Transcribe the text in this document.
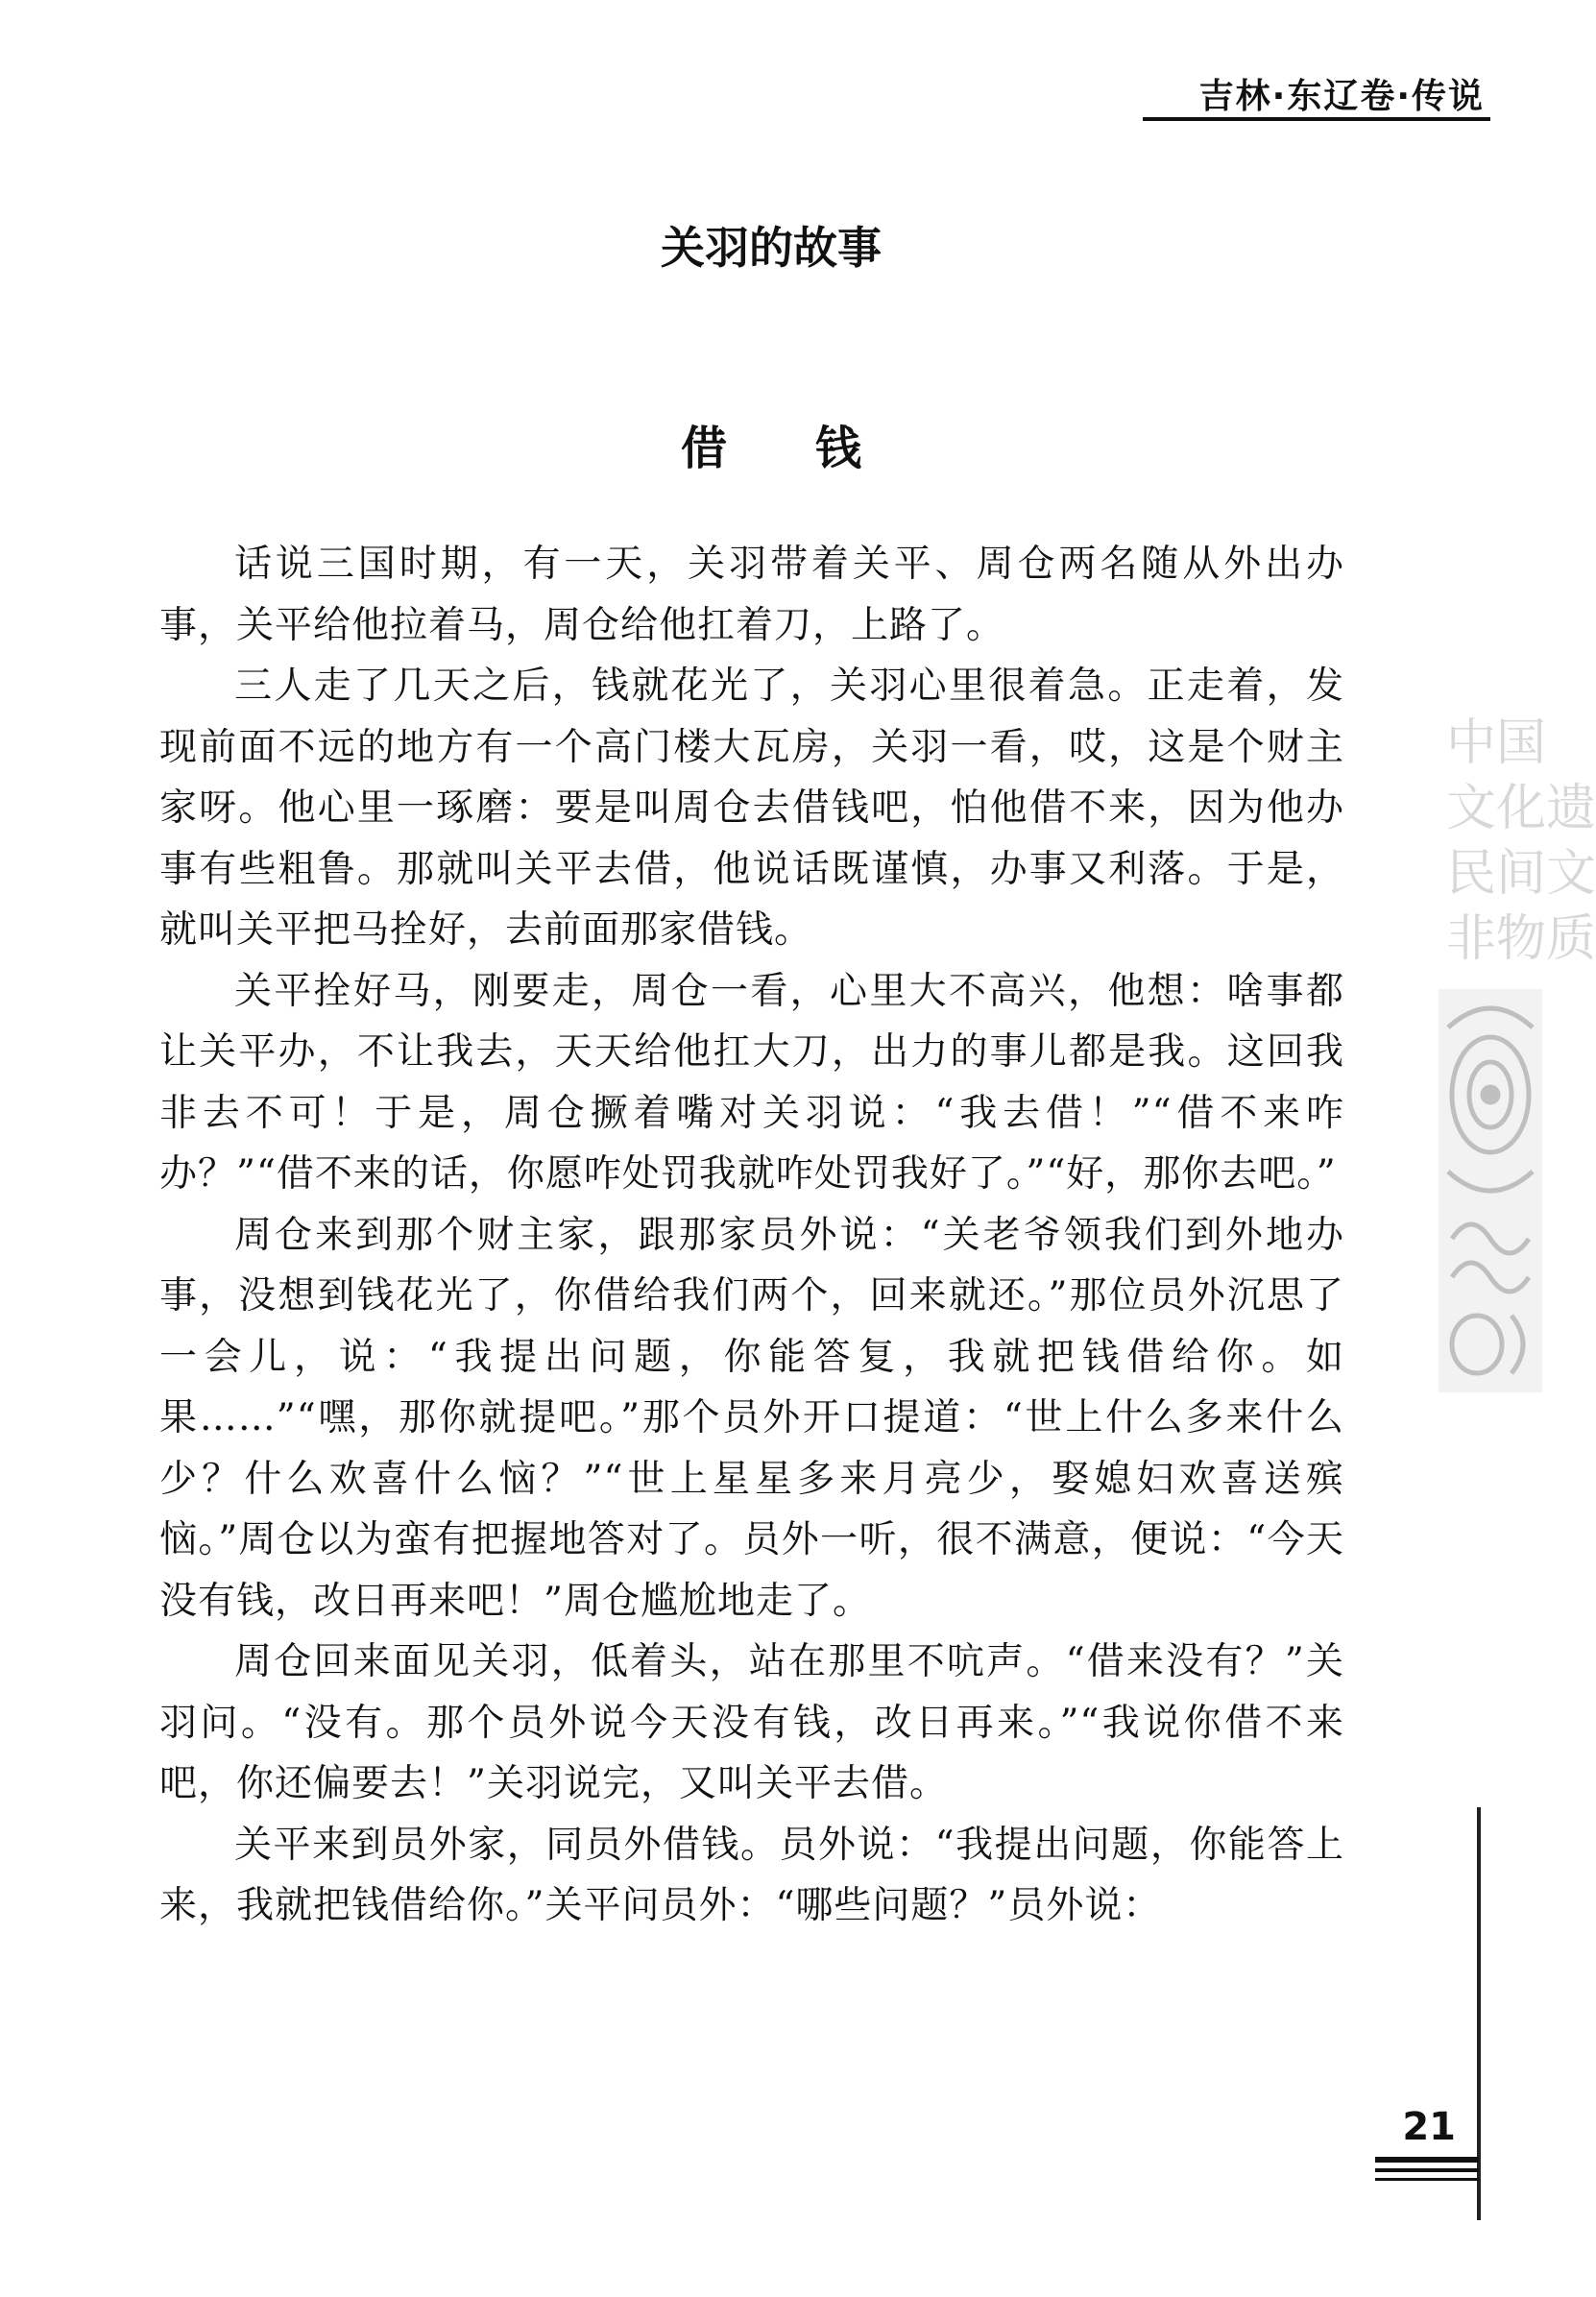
吉林·东辽卷·传说
关羽的故事
借钱

话说三国时期，有一天，关羽带着关平、周仓两名随从外出办事，关平给他拉着马，周仓给他扛着刀，上路了。

三人走了几天之后，钱就花光了，关羽心里很着急。正走着，发现前面不远的地方有一个高门楼大瓦房，关羽一看，哎，这是个财主家呀。他心里一琢磨：要是叫周仓去借钱吧，怕他借不来，因为他办事有些粗鲁。那就叫关平去借，他说话既谨慎，办事又利落。于是，就叫关平把马拴好，去前面那家借钱。

关平拴好马，刚要走，周仓一看，心里大不高兴，他想：啥事都让关平办，不让我去，天天给他扛大刀，出力的事儿都是我。这回我非去不可！于是，周仓撅着嘴对关羽说：“我去借！”“借不来咋办？”“借不来的话，你愿咋处罚我就咋处罚我好了。”“好，那你去吧。”

周仓来到那个财主家，跟那家员外说：“关老爷领我们到外地办事，没想到钱花光了，你借给我们两个，回来就还。”那位员外沉思了一会儿，说：“我提出问题，你能答复，我就把钱借给你。如果……”“嘿，那你就提吧。”那个员外开口提道：“世上什么多来什么少？什么欢喜什么恼？”“世上星星多来月亮少，娶媳妇欢喜送殡恼。”周仓以为蛮有把握地答对了。员外一听，很不满意，便说：“今天没有钱，改日再来吧！”周仓尴尬地走了。

周仓回来面见关羽，低着头，站在那里不吭声。“借来没有？”关羽问。“没有。那个员外说今天没有钱，改日再来。”“我说你借不来吧，你还偏要去！”关羽说完，又叫关平去借。

关平来到员外家，同员外借钱。员外说：“我提出问题，你能答上来，我就把钱借给你。”关平问员外：“哪些问题？”员外说：

中国
文化遗
民间文
非物质
21
